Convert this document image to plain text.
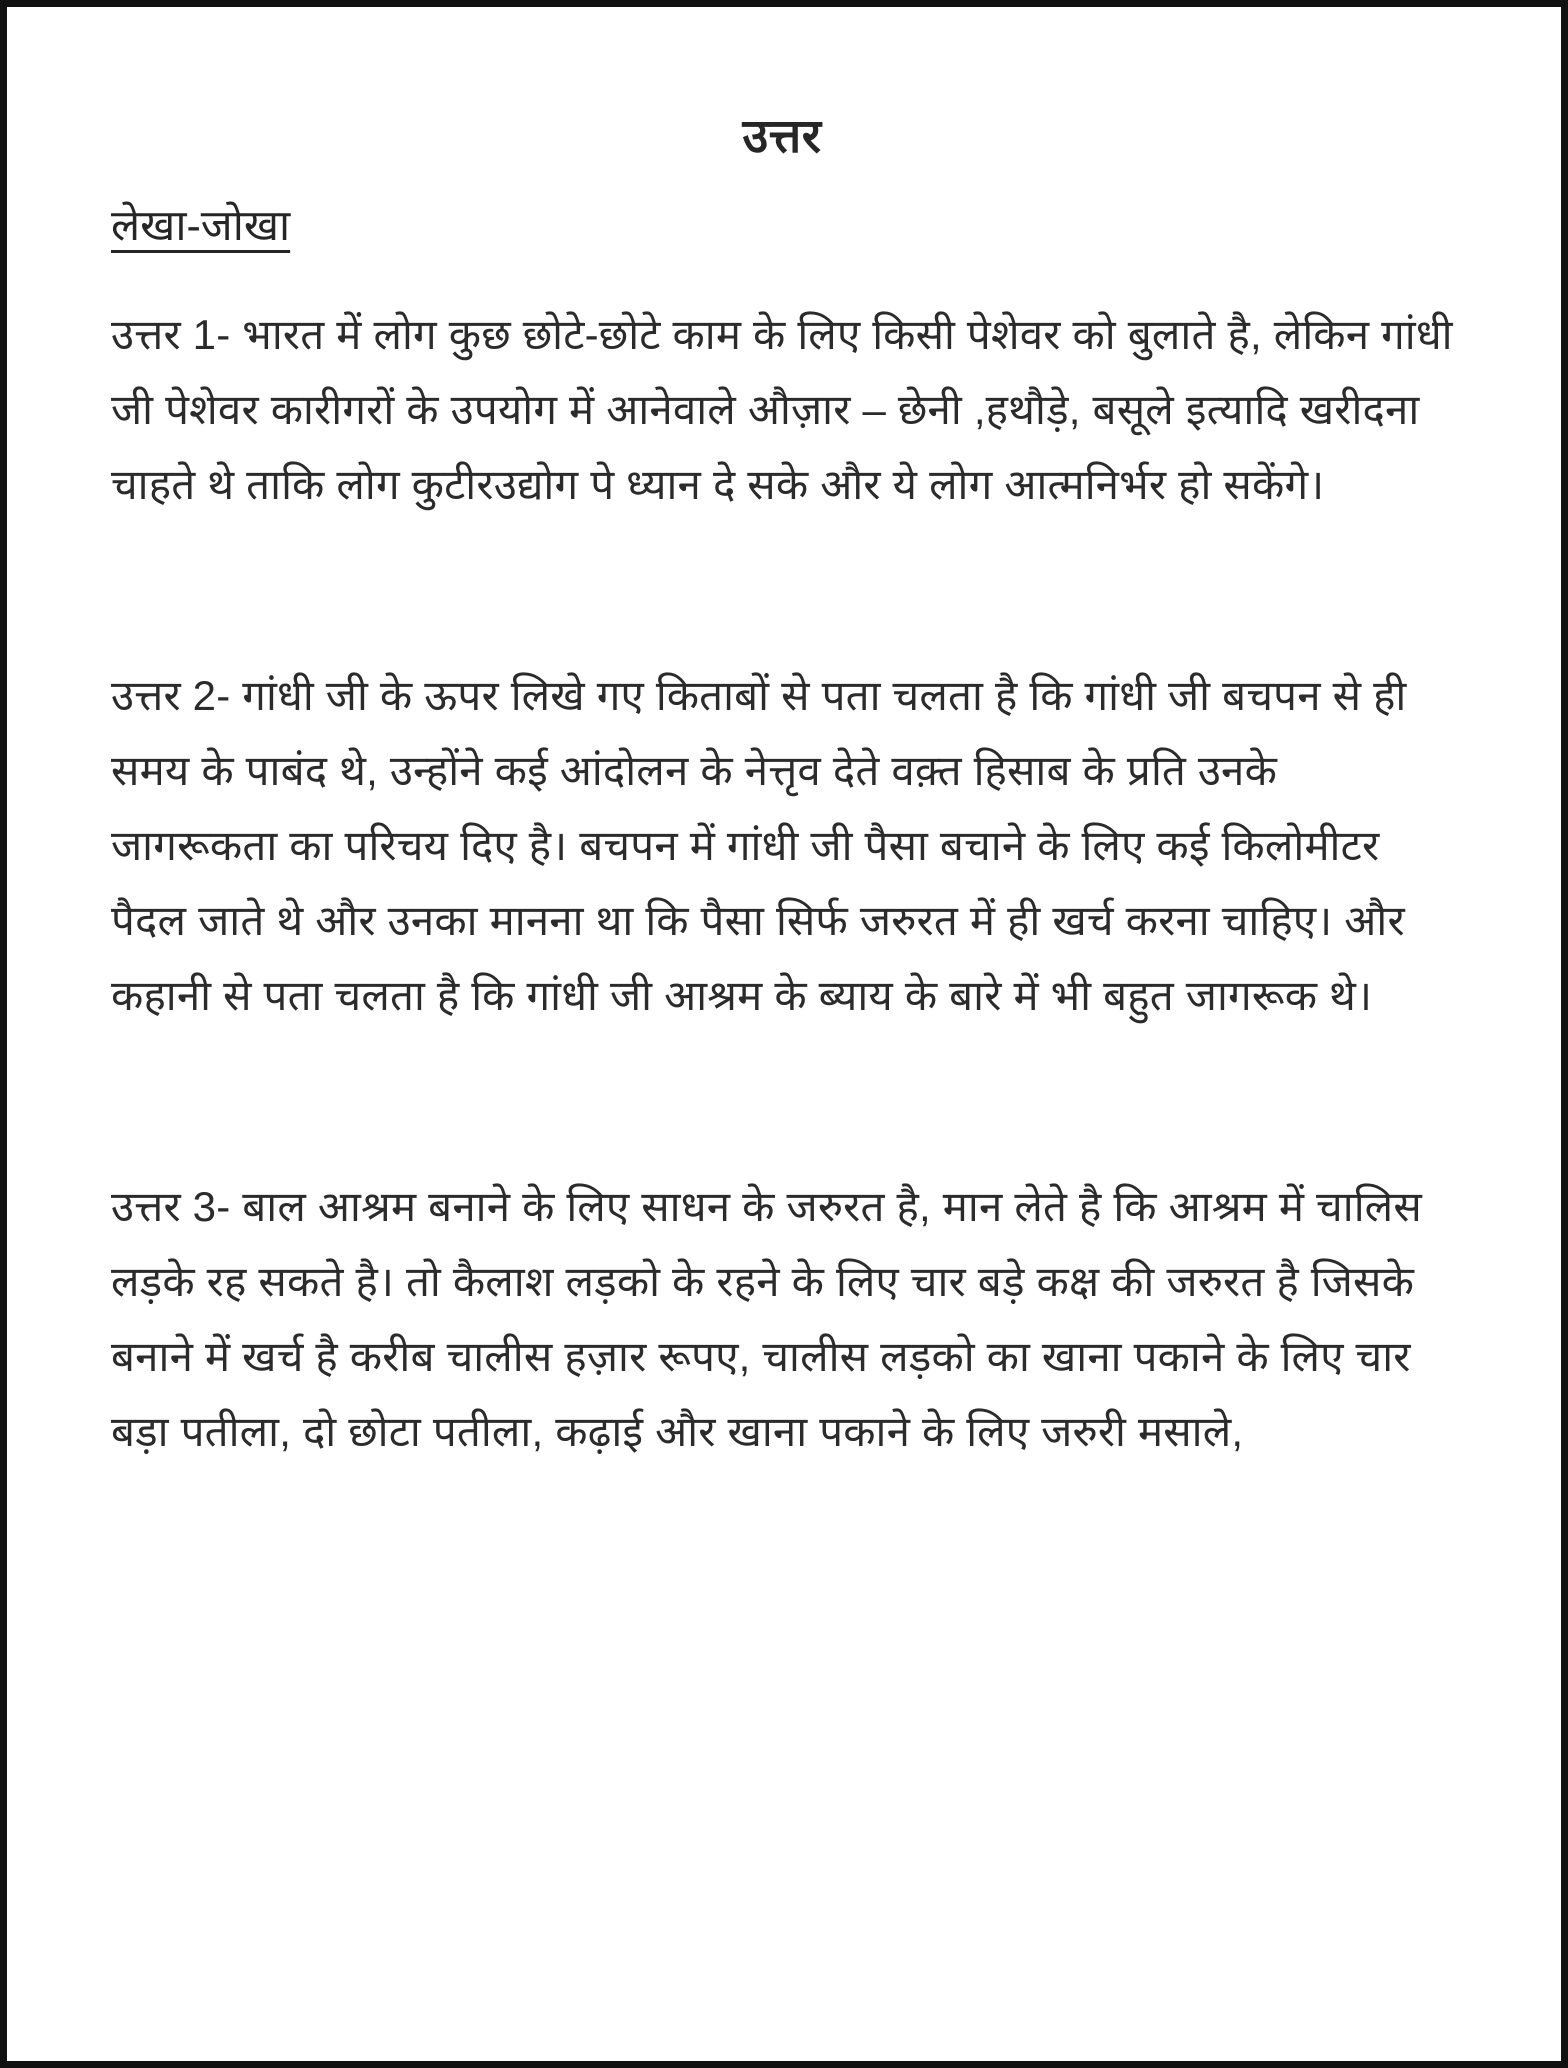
उत्तर
लेखा-जोखा

उत्तर 1- भारत में लोग कुछ छोटे-छोटे काम के लिए किसी पेशेवर को बुलाते है, लेकिन गांधी जी पेशेवर कारीगरों के उपयोग में आनेवाले औज़ार – छेनी ,हथौड़े, बसूले इत्यादि खरीदना चाहते थे ताकि लोग कुटीरउद्योग पे ध्यान दे सके और ये लोग आत्मनिर्भर हो सकेंगे।

उत्तर 2- गांधी जी के ऊपर लिखे गए किताबों से पता चलता है कि गांधी जी बचपन से ही समय के पाबंद थे, उन्होंने कई आंदोलन के नेत्तृव देते वक़्त हिसाब के प्रति उनके जागरूकता का परिचय दिए है। बचपन में गांधी जी पैसा बचाने के लिए कई किलोमीटर पैदल जाते थे और उनका मानना था कि पैसा सिर्फ जरुरत में ही खर्च करना चाहिए। और कहानी से पता चलता है कि गांधी जी आश्रम के ब्याय के बारे में भी बहुत जागरूक थे।

उत्तर 3- बाल आश्रम बनाने के लिए साधन के जरुरत है, मान लेते है कि आश्रम में चालिस लड़के रह सकते है। तो कैलाश लड़को के रहने के लिए चार बड़े कक्ष की जरुरत है जिसके बनाने में खर्च है करीब चालीस हज़ार रूपए, चालीस लड़को का खाना पकाने के लिए चार बड़ा पतीला, दो छोटा पतीला, कढ़ाई और खाना पकाने के लिए जरुरी मसाले,
